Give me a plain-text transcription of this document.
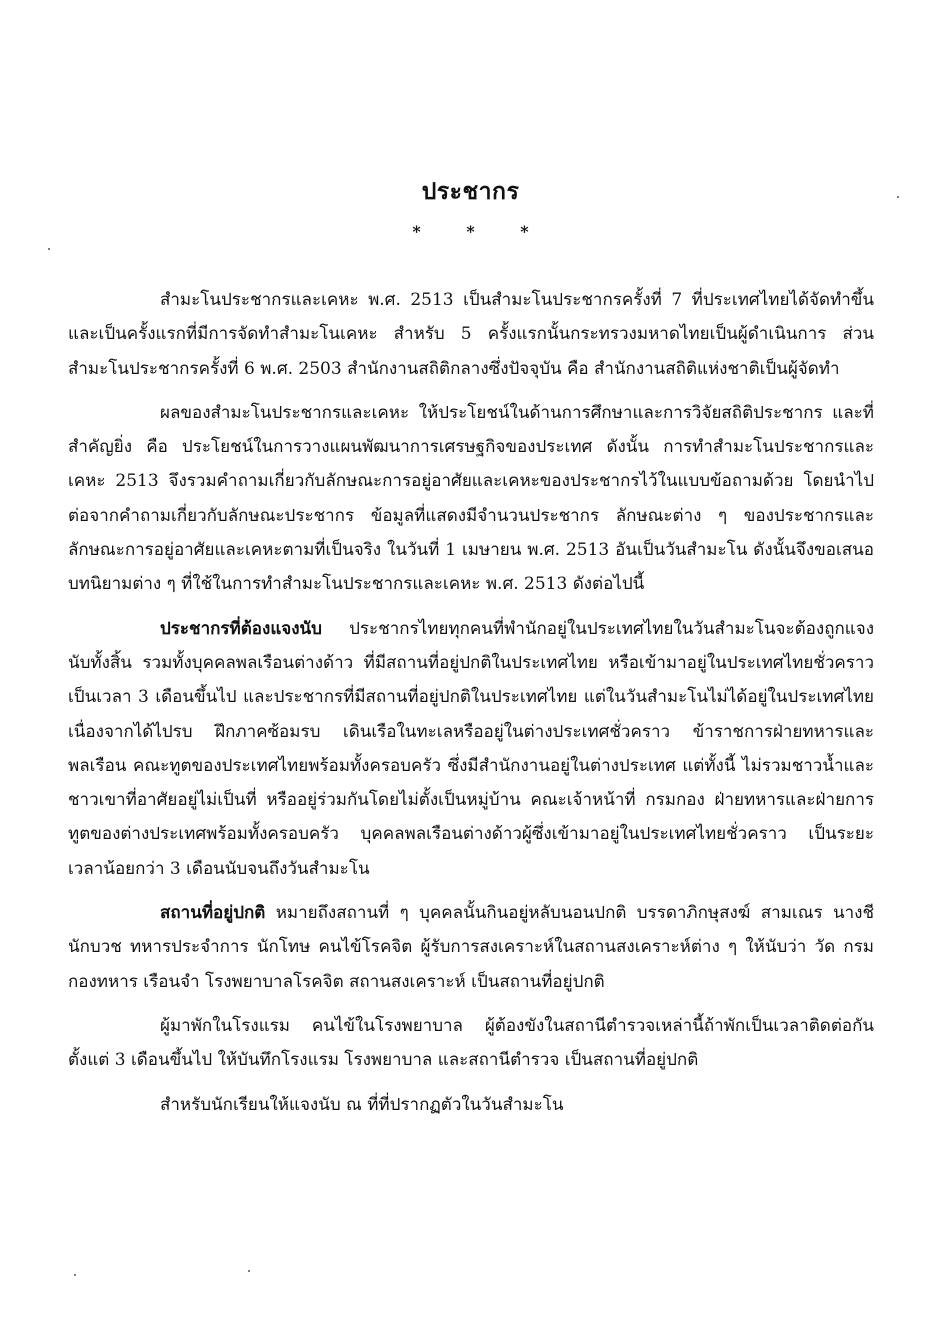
ประชากร
* * *

สำมะโนประชากรและเคหะ พ.ศ. 2513 เป็นสำมะโนประชากรครั้งที่ 7 ที่ประเทศไทยได้จัดทำขึ้น และเป็นครั้งแรกที่มีการจัดทำสำมะโนเคหะ สำหรับ 5 ครั้งแรกนั้นกระทรวงมหาดไทยเป็นผู้ดำเนินการ ส่วนสำมะโนประชากรครั้งที่ 6 พ.ศ. 2503 สำนักงานสถิติกลางซึ่งปัจจุบัน คือ สำนักงานสถิติแห่งชาติเป็นผู้จัดทำ

ผลของสำมะโนประชากรและเคหะ ให้ประโยชน์ในด้านการศึกษาและการวิจัยสถิติประชากร และที่สำคัญยิ่ง คือ ประโยชน์ในการวางแผนพัฒนาการเศรษฐกิจของประเทศ ดังนั้น การทำสำมะโนประชากรและเคหะ 2513 จึงรวมคำถามเกี่ยวกับลักษณะการอยู่อาศัยและเคหะของประชากรไว้ในแบบข้อถามด้วย โดยนำไปต่อจากคำถามเกี่ยวกับลักษณะประชากร ข้อมูลที่แสดงมีจำนวนประชากร ลักษณะต่าง ๆ ของประชากรและลักษณะการอยู่อาศัยและเคหะตามที่เป็นจริง ในวันที่ 1 เมษายน พ.ศ. 2513 อันเป็นวันสำมะโน ดังนั้นจึงขอเสนอบทนิยามต่าง ๆ ที่ใช้ในการทำสำมะโนประชากรและเคหะ พ.ศ. 2513 ดังต่อไปนี้

ประชากรที่ต้องแจงนับ ประชากรไทยทุกคนที่พำนักอยู่ในประเทศไทยในวันสำมะโนจะต้องถูกแจงนับทั้งสิ้น รวมทั้งบุคคลพลเรือนต่างด้าว ที่มีสถานที่อยู่ปกติในประเทศไทย หรือเข้ามาอยู่ในประเทศไทยชั่วคราวเป็นเวลา 3 เดือนขึ้นไป และประชากรที่มีสถานที่อยู่ปกติในประเทศไทย แต่ในวันสำมะโนไม่ได้อยู่ในประเทศไทยเนื่องจากได้ไปรบ ฝึกภาคซ้อมรบ เดินเรือในทะเลหรืออยู่ในต่างประเทศชั่วคราว ข้าราชการฝ่ายทหารและพลเรือน คณะทูตของประเทศไทยพร้อมทั้งครอบครัว ซึ่งมีสำนักงานอยู่ในต่างประเทศ แต่ทั้งนี้ ไม่รวมชาวน้ำและชาวเขาที่อาศัยอยู่ไม่เป็นที่ หรืออยู่ร่วมกันโดยไม่ตั้งเป็นหมู่บ้าน คณะเจ้าหน้าที่ กรมกอง ฝ่ายทหารและฝ่ายการทูตของต่างประเทศพร้อมทั้งครอบครัว บุคคลพลเรือนต่างด้าวผู้ซึ่งเข้ามาอยู่ในประเทศไทยชั่วคราว เป็นระยะเวลาน้อยกว่า 3 เดือนนับจนถึงวันสำมะโน

สถานที่อยู่ปกติ หมายถึงสถานที่ ๆ บุคคลนั้นกินอยู่หลับนอนปกติ บรรดาภิกษุสงฆ์ สามเณร นางชี นักบวช ทหารประจำการ นักโทษ คนไข้โรคจิต ผู้รับการสงเคราะห์ในสถานสงเคราะห์ต่าง ๆ ให้นับว่า วัด กรมกองทหาร เรือนจำ โรงพยาบาลโรคจิต สถานสงเคราะห์ เป็นสถานที่อยู่ปกติ

ผู้มาพักในโรงแรม คนไข้ในโรงพยาบาล ผู้ต้องขังในสถานีตำรวจเหล่านี้ถ้าพักเป็นเวลาติดต่อกันตั้งแต่ 3 เดือนขึ้นไป ให้บันทึกโรงแรม โรงพยาบาล และสถานีตำรวจ เป็นสถานที่อยู่ปกติ

สำหรับนักเรียนให้แจงนับ ณ ที่ที่ปรากฏตัวในวันสำมะโน
